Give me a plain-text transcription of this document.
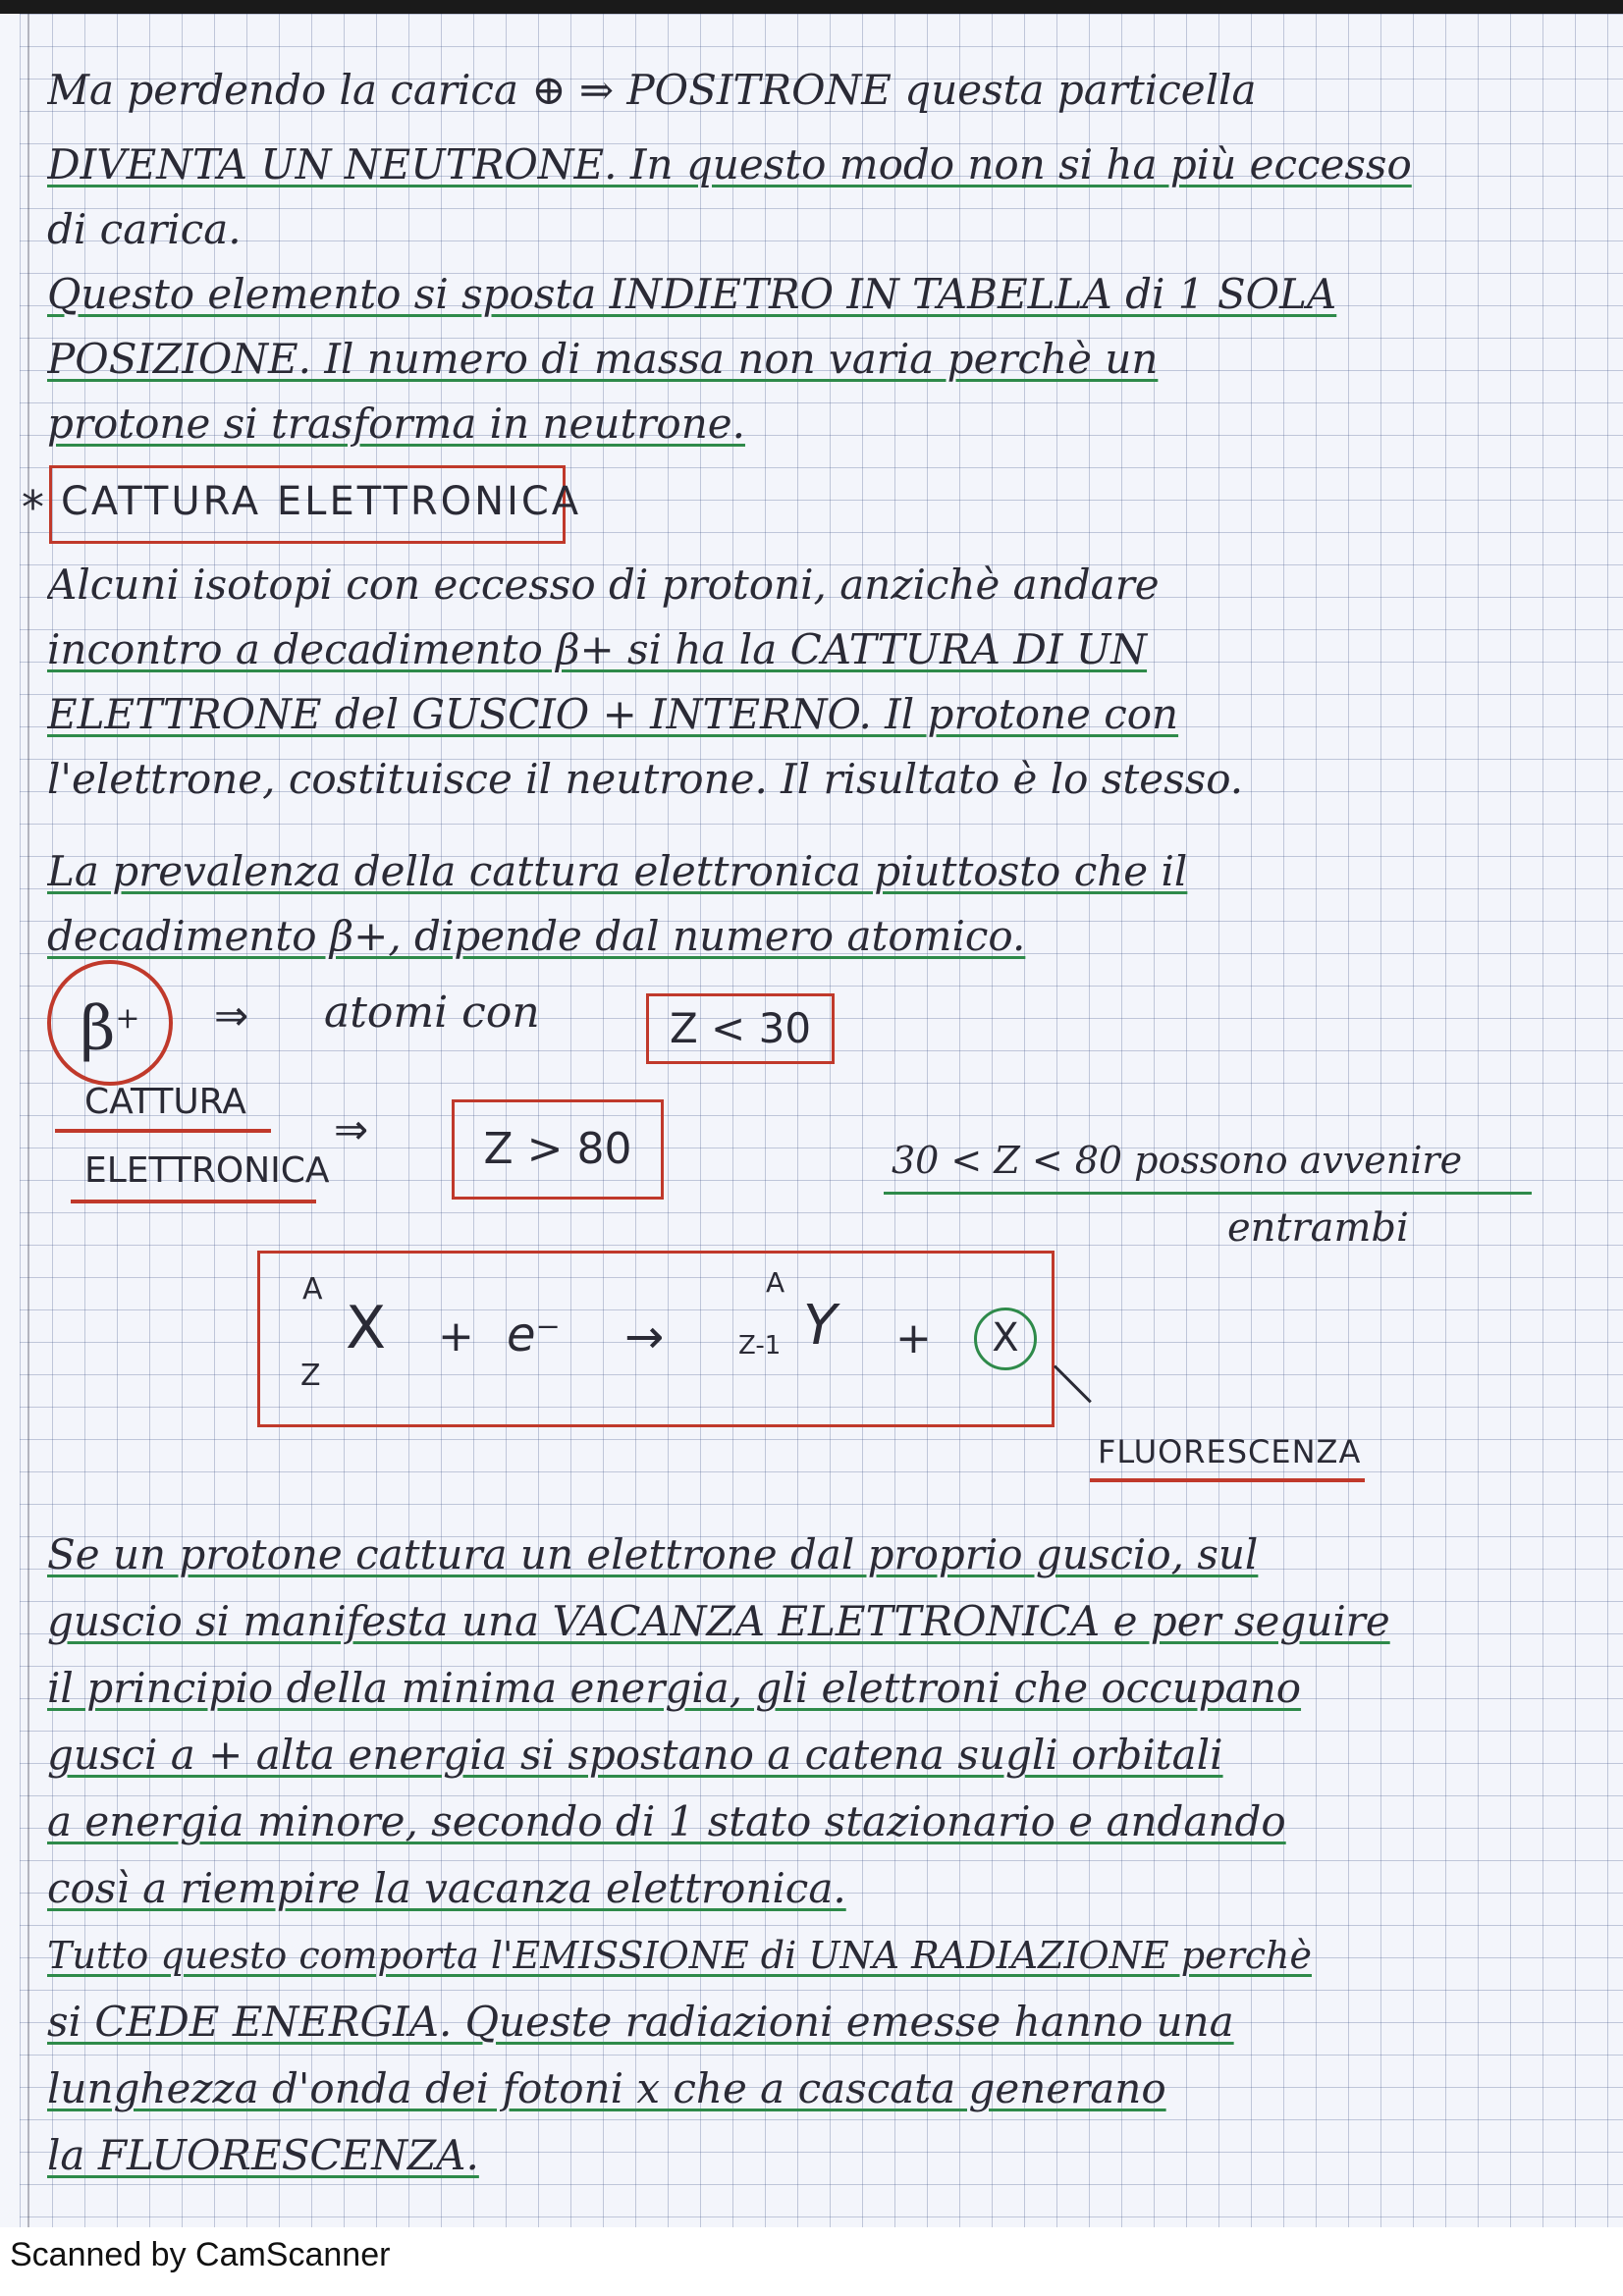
Ma perdendo la carica ⊕ ⇒ POSITRONE questa particella
DIVENTA UN NEUTRONE. In questo modo non si ha più eccesso
di carica.
Questo elemento si sposta INDIETRO IN TABELLA di 1 SOLA
POSIZIONE. Il numero di massa non varia perchè un
protone si trasforma in neutrone.
* CATTURA ELETTRONICA
Alcuni isotopi con eccesso di protoni, anzichè andare
incontro a decadimento β+ si ha la CATTURA DI UN
ELETTRONE del GUSCIO + INTERNO. Il protone con
l'elettrone, costituisce il neutrone. Il risultato è lo stesso.
La prevalenza della cattura elettronica piuttosto che il
decadimento β+, dipende dal numero atomico.
β+	⇒ atomi con	Z < 30
CATTURA
ELETTRONICA
⇒	Z > 80	30 < Z < 80 possono avvenire
entrambi
A
Z
X + e⁻ →
A
Z-1 Y +	X
FLUORESCENZA
Se un protone cattura un elettrone dal proprio guscio, sul
guscio si manifesta una VACANZA ELETTRONICA e per seguire
il principio della minima energia, gli elettroni che occupano
gusci a + alta energia si spostano a catena sugli orbitali
a energia minore, secondo di 1 stato stazionario e andando
così a riempire la vacanza elettronica.
Tutto questo comporta l'EMISSIONE di UNA RADIAZIONE perchè
si CEDE ENERGIA. Queste radiazioni emesse hanno una
lunghezza d'onda dei fotoni x che a cascata generano
la FLUORESCENZA.
Scanned by CamScanner
